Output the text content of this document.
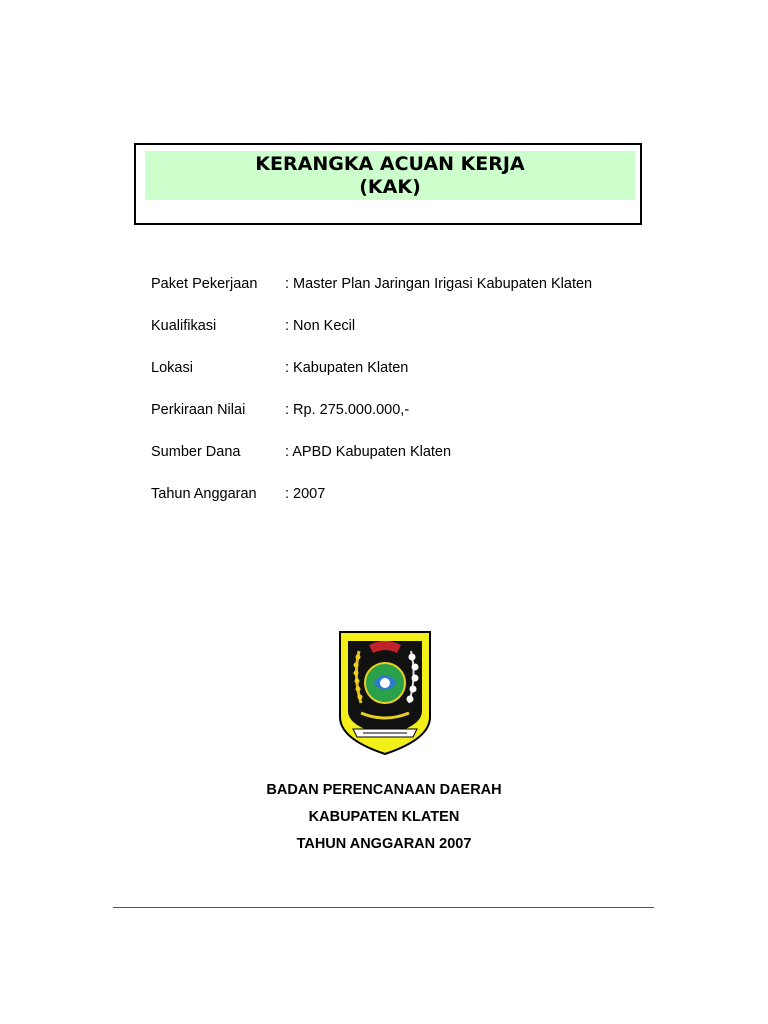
KERANGKA ACUAN KERJA
(KAK)
Paket Pekerjaan : Master Plan Jaringan Irigasi Kabupaten Klaten
Kualifikasi	: Non Kecil
Lokasi	: Kabupaten Klaten
Perkiraan Nilai	: Rp. 275.000.000,-
Sumber Dana	: APBD Kabupaten Klaten
Tahun Anggaran : 2007
BADAN PERENCANAAN DAERAH
KABUPATEN KLATEN
TAHUN ANGGARAN 2007
